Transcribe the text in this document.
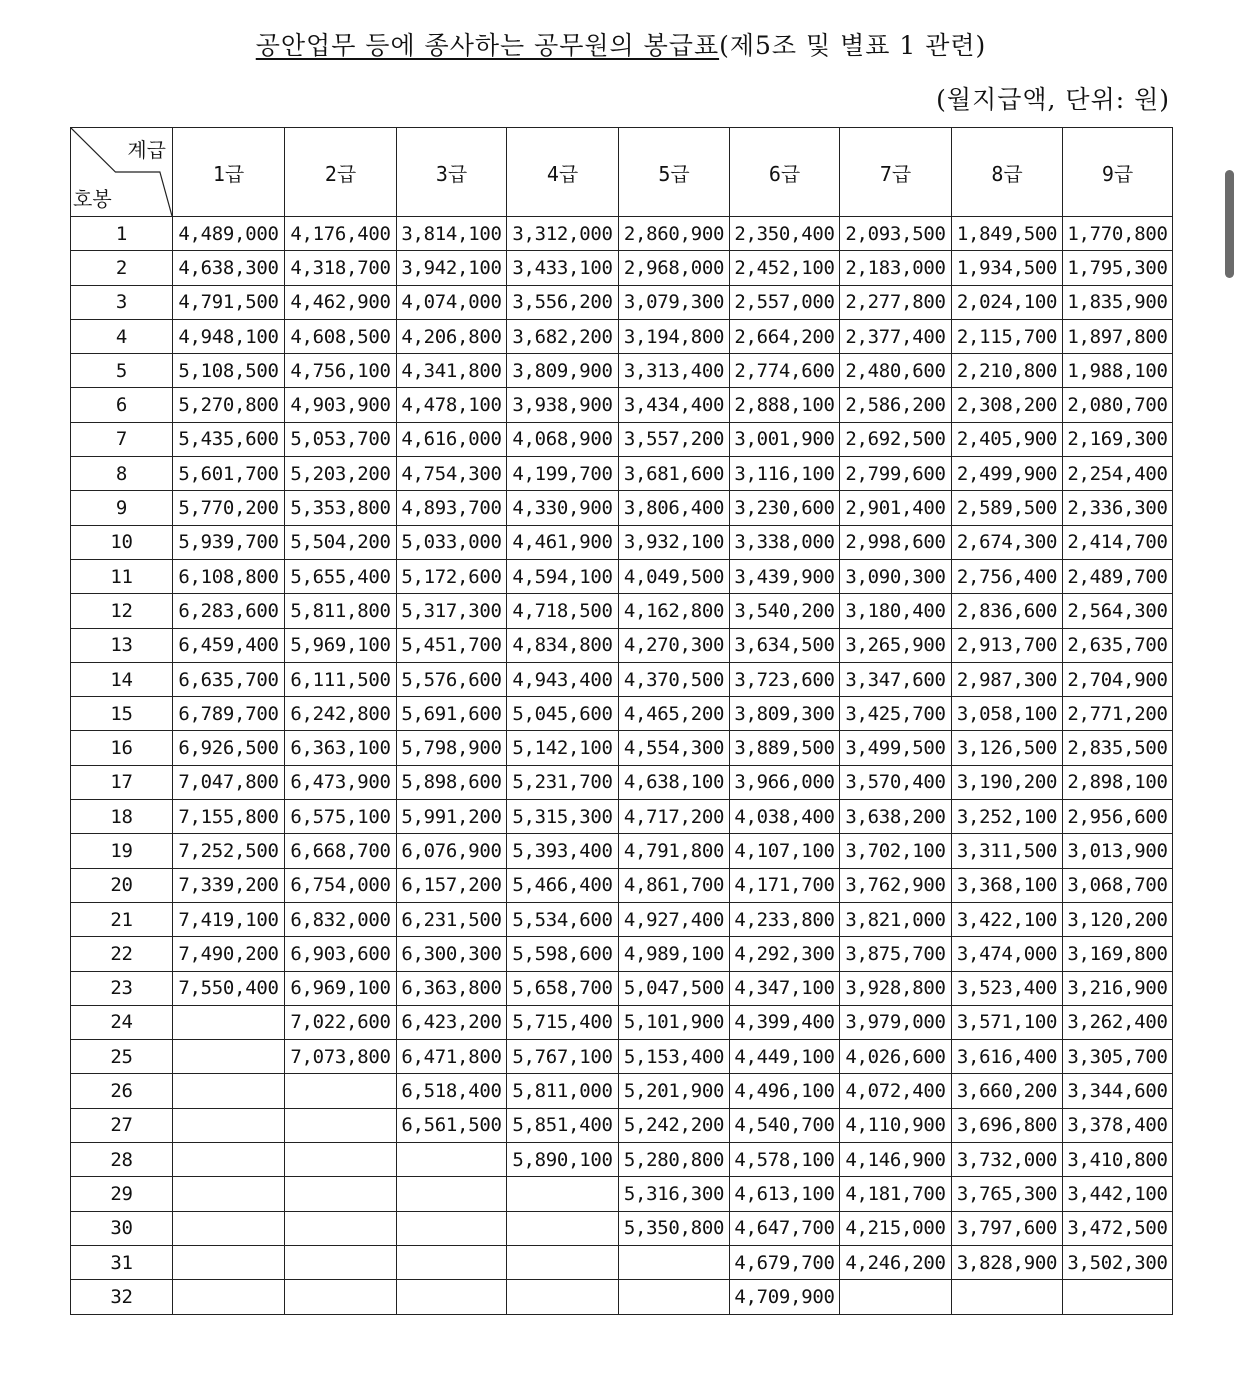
공안업무 등에 종사하는 공무원의 봉급표(제5조 및 별표 1 관련)
(월지급액, 단위: 원)
계급
호봉	1급	2급	3급	4급	5급	6급	7급	8급	9급
1	4,489,000	4,176,400	3,814,100	3,312,000	2,860,900	2,350,400	2,093,500	1,849,500	1,770,800
2	4,638,300	4,318,700	3,942,100	3,433,100	2,968,000	2,452,100	2,183,000	1,934,500	1,795,300
3	4,791,500	4,462,900	4,074,000	3,556,200	3,079,300	2,557,000	2,277,800	2,024,100	1,835,900
4	4,948,100	4,608,500	4,206,800	3,682,200	3,194,800	2,664,200	2,377,400	2,115,700	1,897,800
5	5,108,500	4,756,100	4,341,800	3,809,900	3,313,400	2,774,600	2,480,600	2,210,800	1,988,100
6	5,270,800	4,903,900	4,478,100	3,938,900	3,434,400	2,888,100	2,586,200	2,308,200	2,080,700
7	5,435,600	5,053,700	4,616,000	4,068,900	3,557,200	3,001,900	2,692,500	2,405,900	2,169,300
8	5,601,700	5,203,200	4,754,300	4,199,700	3,681,600	3,116,100	2,799,600	2,499,900	2,254,400
9	5,770,200	5,353,800	4,893,700	4,330,900	3,806,400	3,230,600	2,901,400	2,589,500	2,336,300
10	5,939,700	5,504,200	5,033,000	4,461,900	3,932,100	3,338,000	2,998,600	2,674,300	2,414,700
11	6,108,800	5,655,400	5,172,600	4,594,100	4,049,500	3,439,900	3,090,300	2,756,400	2,489,700
12	6,283,600	5,811,800	5,317,300	4,718,500	4,162,800	3,540,200	3,180,400	2,836,600	2,564,300
13	6,459,400	5,969,100	5,451,700	4,834,800	4,270,300	3,634,500	3,265,900	2,913,700	2,635,700
14	6,635,700	6,111,500	5,576,600	4,943,400	4,370,500	3,723,600	3,347,600	2,987,300	2,704,900
15	6,789,700	6,242,800	5,691,600	5,045,600	4,465,200	3,809,300	3,425,700	3,058,100	2,771,200
16	6,926,500	6,363,100	5,798,900	5,142,100	4,554,300	3,889,500	3,499,500	3,126,500	2,835,500
17	7,047,800	6,473,900	5,898,600	5,231,700	4,638,100	3,966,000	3,570,400	3,190,200	2,898,100
18	7,155,800	6,575,100	5,991,200	5,315,300	4,717,200	4,038,400	3,638,200	3,252,100	2,956,600
19	7,252,500	6,668,700	6,076,900	5,393,400	4,791,800	4,107,100	3,702,100	3,311,500	3,013,900
20	7,339,200	6,754,000	6,157,200	5,466,400	4,861,700	4,171,700	3,762,900	3,368,100	3,068,700
21	7,419,100	6,832,000	6,231,500	5,534,600	4,927,400	4,233,800	3,821,000	3,422,100	3,120,200
22	7,490,200	6,903,600	6,300,300	5,598,600	4,989,100	4,292,300	3,875,700	3,474,000	3,169,800
23	7,550,400	6,969,100	6,363,800	5,658,700	5,047,500	4,347,100	3,928,800	3,523,400	3,216,900
24		7,022,600	6,423,200	5,715,400	5,101,900	4,399,400	3,979,000	3,571,100	3,262,400
25		7,073,800	6,471,800	5,767,100	5,153,400	4,449,100	4,026,600	3,616,400	3,305,700
26			6,518,400	5,811,000	5,201,900	4,496,100	4,072,400	3,660,200	3,344,600
27			6,561,500	5,851,400	5,242,200	4,540,700	4,110,900	3,696,800	3,378,400
28				5,890,100	5,280,800	4,578,100	4,146,900	3,732,000	3,410,800
29					5,316,300	4,613,100	4,181,700	3,765,300	3,442,100
30					5,350,800	4,647,700	4,215,000	3,797,600	3,472,500
31						4,679,700	4,246,200	3,828,900	3,502,300
32						4,709,900			
